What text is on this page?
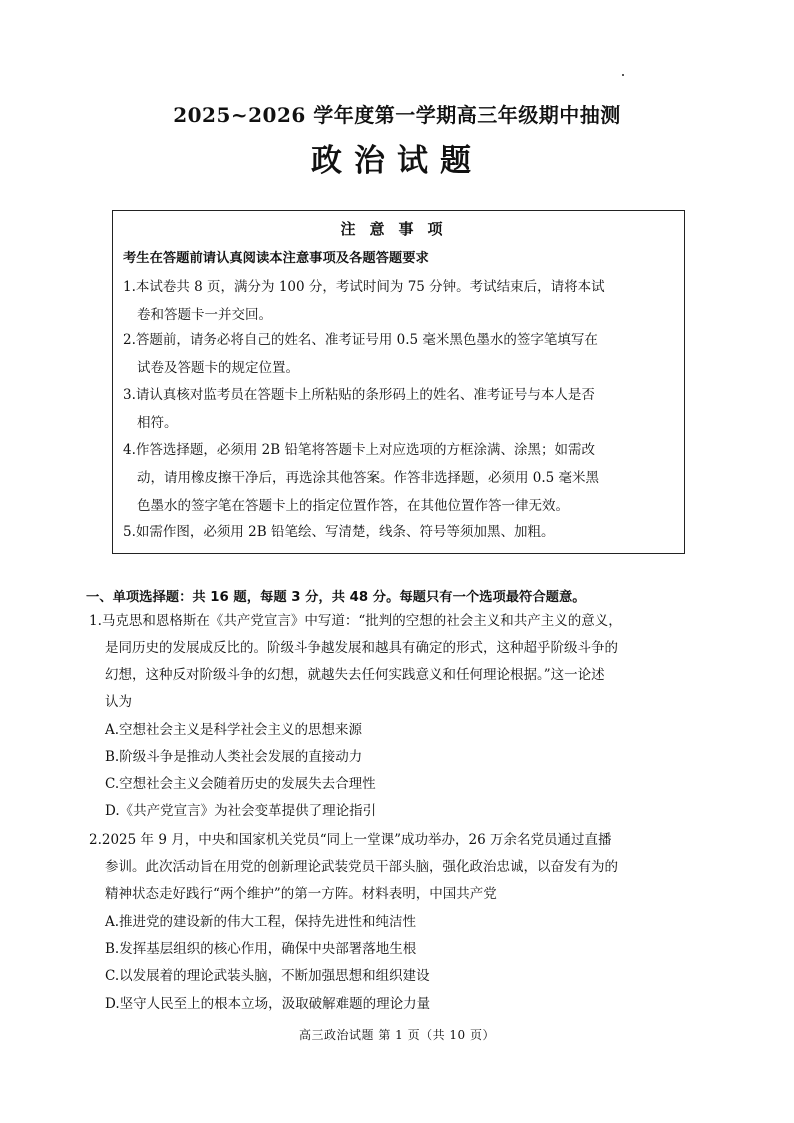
2025~2026 学年度第一学期高三年级期中抽测
政治试题
注意事项
考生在答题前请认真阅读本注意事项及各题答题要求
1.本试卷共 8 页，满分为 100 分，考试时间为 75 分钟。考试结束后，请将本试
卷和答题卡一并交回。
2.答题前，请务必将自己的姓名、准考证号用 0.5 毫米黑色墨水的签字笔填写在
试卷及答题卡的规定位置。
3.请认真核对监考员在答题卡上所粘贴的条形码上的姓名、准考证号与本人是否
相符。
4.作答选择题，必须用 2B 铅笔将答题卡上对应选项的方框涂满、涂黑；如需改
动，请用橡皮擦干净后，再选涂其他答案。作答非选择题，必须用 0.5 毫米黑
色墨水的签字笔在答题卡上的指定位置作答，在其他位置作答一律无效。
5.如需作图，必须用 2B 铅笔绘、写清楚，线条、符号等须加黑、加粗。
一、单项选择题：共 16 题，每题 3 分，共 48 分。每题只有一个选项最符合题意。
1.马克思和恩格斯在《共产党宣言》中写道：“批判的空想的社会主义和共产主义的意义，
是同历史的发展成反比的。阶级斗争越发展和越具有确定的形式，这种超乎阶级斗争的
幻想，这种反对阶级斗争的幻想，就越失去任何实践意义和任何理论根据。”这一论述
认为
A.空想社会主义是科学社会主义的思想来源
B.阶级斗争是推动人类社会发展的直接动力
C.空想社会主义会随着历史的发展失去合理性
D.《共产党宣言》为社会变革提供了理论指引
2.2025 年 9 月，中央和国家机关党员“同上一堂课”成功举办，26 万余名党员通过直播
参训。此次活动旨在用党的创新理论武装党员干部头脑，强化政治忠诚，以奋发有为的
精神状态走好践行“两个维护”的第一方阵。材料表明，中国共产党
A.推进党的建设新的伟大工程，保持先进性和纯洁性
B.发挥基层组织的核心作用，确保中央部署落地生根
C.以发展着的理论武装头脑，不断加强思想和组织建设
D.坚守人民至上的根本立场，汲取破解难题的理论力量
高三政治试题 第 1 页（共 10 页）
